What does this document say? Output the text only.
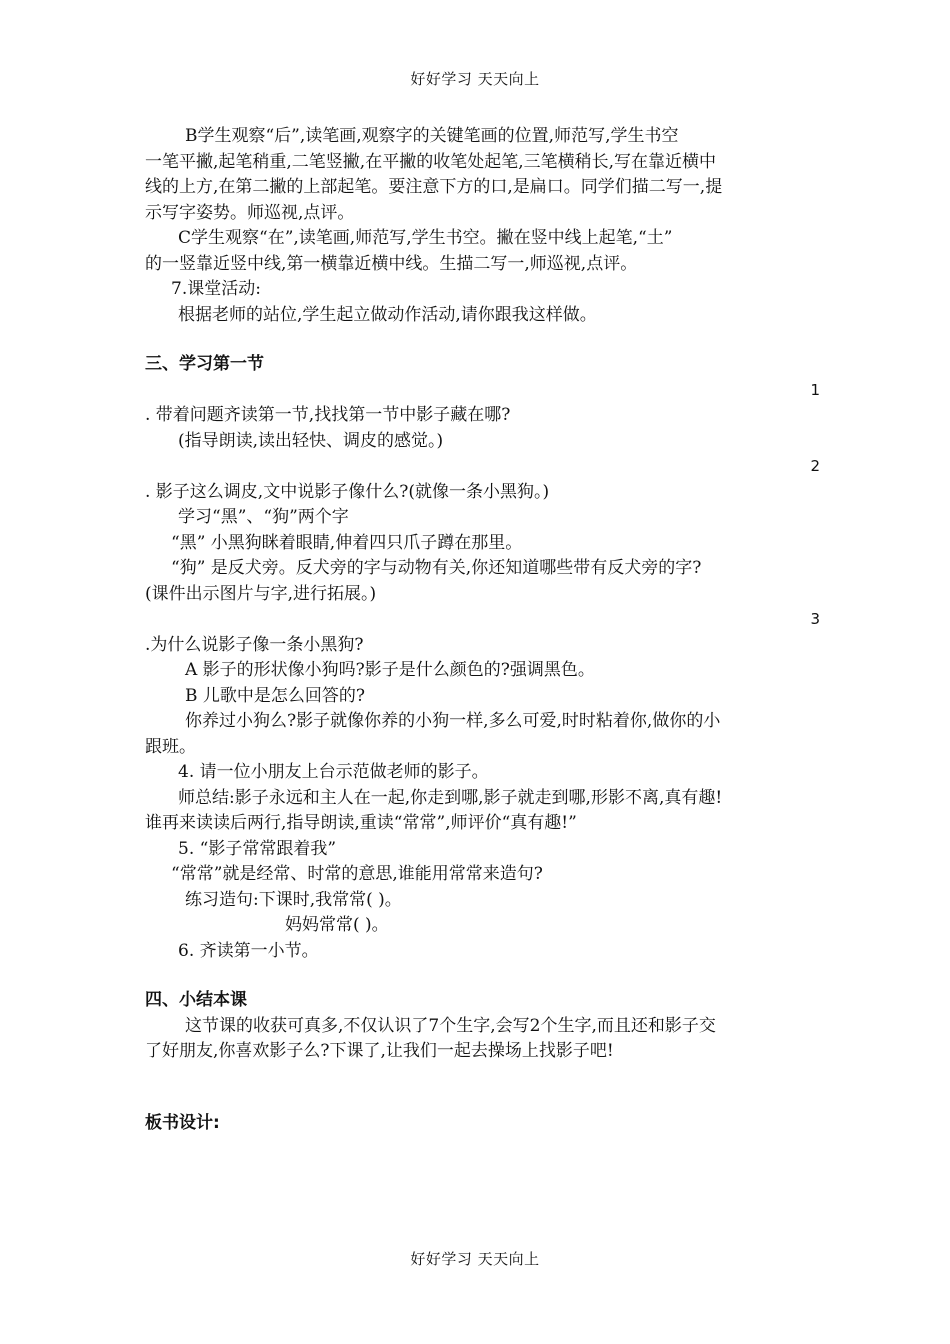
好好学习 天天向上

B学生观察“后”,读笔画,观察字的关键笔画的位置,师范写,学生书空

一笔平撇,起笔稍重,二笔竖撇,在平撇的收笔处起笔,三笔横稍长,写在靠近横中

线的上方,在第二撇的上部起笔。要注意下方的口,是扁口。同学们描二写一,提

示写字姿势。师巡视,点评。

C学生观察“在”,读笔画,师范写,学生书空。撇在竖中线上起笔,“土”

的一竖靠近竖中线,第一横靠近横中线。生描二写一,师巡视,点评。

7.课堂活动:

根据老师的站位,学生起立做动作活动,请你跟我这样做。

三、学习第一节

1

. 带着问题齐读第一节,找找第一节中影子藏在哪?

(指导朗读,读出轻快、调皮的感觉。)

2

. 影子这么调皮,文中说影子像什么?(就像一条小黑狗。)

学习“黑”、“狗”两个字

“黑” 小黑狗眯着眼睛,伸着四只爪子蹲在那里。

“狗” 是反犬旁。反犬旁的字与动物有关,你还知道哪些带有反犬旁的字?

(课件出示图片与字,进行拓展。)

3

.为什么说影子像一条小黑狗?

A 影子的形状像小狗吗?影子是什么颜色的?强调黑色。

B 儿歌中是怎么回答的?

你养过小狗么?影子就像你养的小狗一样,多么可爱,时时粘着你,做你的小

跟班。

4. 请一位小朋友上台示范做老师的影子。

师总结:影子永远和主人在一起,你走到哪,影子就走到哪,形影不离,真有趣!

谁再来读读后两行,指导朗读,重读“常常”,师评价“真有趣!”

5. “影子常常跟着我”

“常常”就是经常、时常的意思,谁能用常常来造句?

练习造句:下课时,我常常( )。

妈妈常常( )。

6. 齐读第一小节。

四、小结本课

这节课的收获可真多,不仅认识了7个生字,会写2个生字,而且还和影子交

了好朋友,你喜欢影子么?下课了,让我们一起去操场上找影子吧!

板书设计:

好好学习 天天向上
